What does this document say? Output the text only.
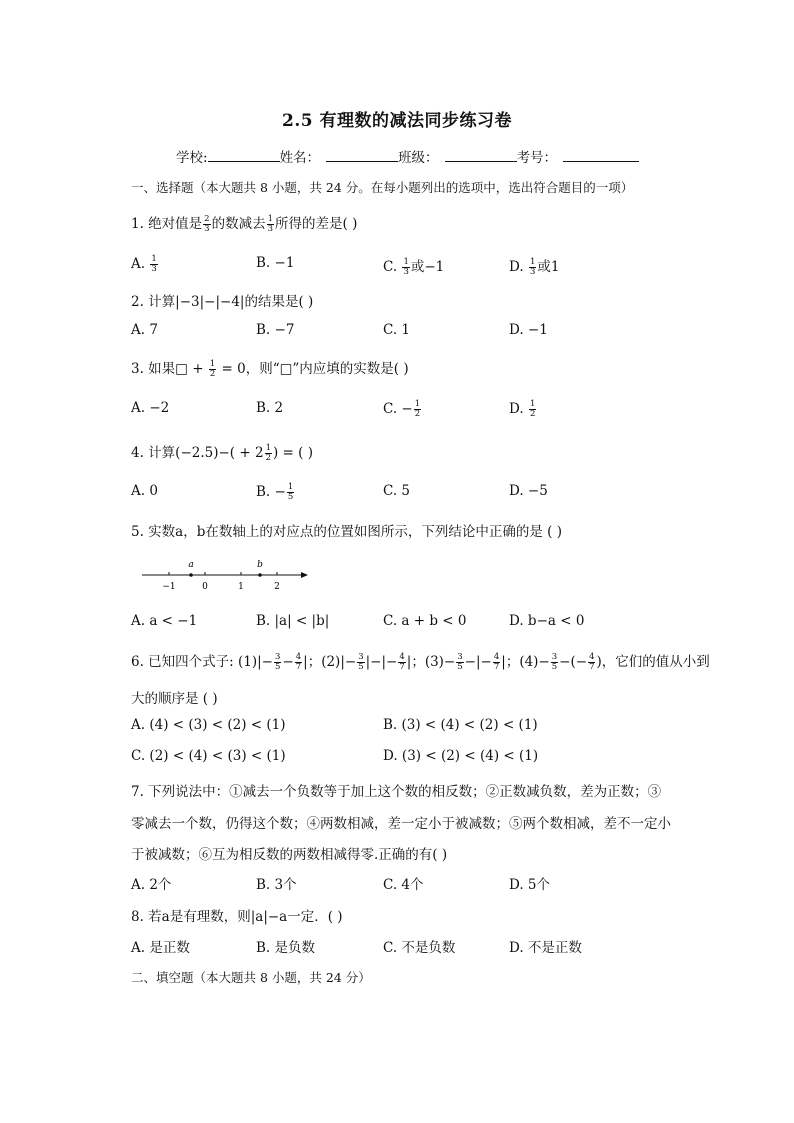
2.5 有理数的减法同步练习卷
学校:	姓名：	班级：	考号：
一、选择题（本大题共 8 小题，共 24 分。在每小题列出的选项中，选出符合题目的一项）
1. 绝对值是 $\frac{2}{3}$ 的数减去 $\frac{1}{3}$ 所得的差是( )
A. $\frac{1}{3}$	B. −1	C. $\frac{1}{3}$ 或−1	D. $\frac{1}{3}$ 或1
2. 计算|−3|−|−4|的结果是( )
A. 7	B. −7	C. 1	D. −1
3. 如果□ + $\frac{1}{2} = 0$，则“□”内应填的实数是( )
A. −2	B. 2	C. − $\frac{1}{2}$	D. $\frac{1}{2}$
4. 计算$(-2.5)-( + 2 \frac{1}{2}$ ) = ( )
A. 0	B. − $\frac{1}{5}$	C. 5	D. −5
5. 实数a，b在数轴上的对应点的位置如图所示，下列结论中正确的是 ( )
a	b
−1	0	1	2
A. a < −1	B. |a| < |b|	C. a + b < 0	D. b−a < 0
6. 已知四个式子: $(1)|- \frac{3}{5} - \frac{4}{7}$ |；$(2)|- \frac{3}{5}$ |−|− $\frac{4}{7}$ |；$(3)- \frac{3}{5}$ −|− $\frac{4}{7}$ |；$(4)- \frac{3}{5}$ −(− $\frac{4}{7}$ )，它们的值从小到
大的顺序是 ( )
A. (4) < (3) < (2) < (1)	B. (3) < (4) < (2) < (1)
C. (2) < (4) < (3) < (1)	D. (3) < (2) < (4) < (1)
7. 下列说法中：①减去一个负数等于加上这个数的相反数；②正数减负数，差为正数；③
零减去一个数，仍得这个数；④两数相减，差一定小于被减数；⑤两个数相减，差不一定小
于被减数；⑥互为相反数的两数相减得零.正确的有( )
A. 2个	B. 3个	C. 4个	D. 5个
8. 若a是有理数，则|a|−a一定．( )
A. 是正数	B. 是负数	C. 不是负数	D. 不是正数
二、填空题（本大题共 8 小题，共 24 分）
